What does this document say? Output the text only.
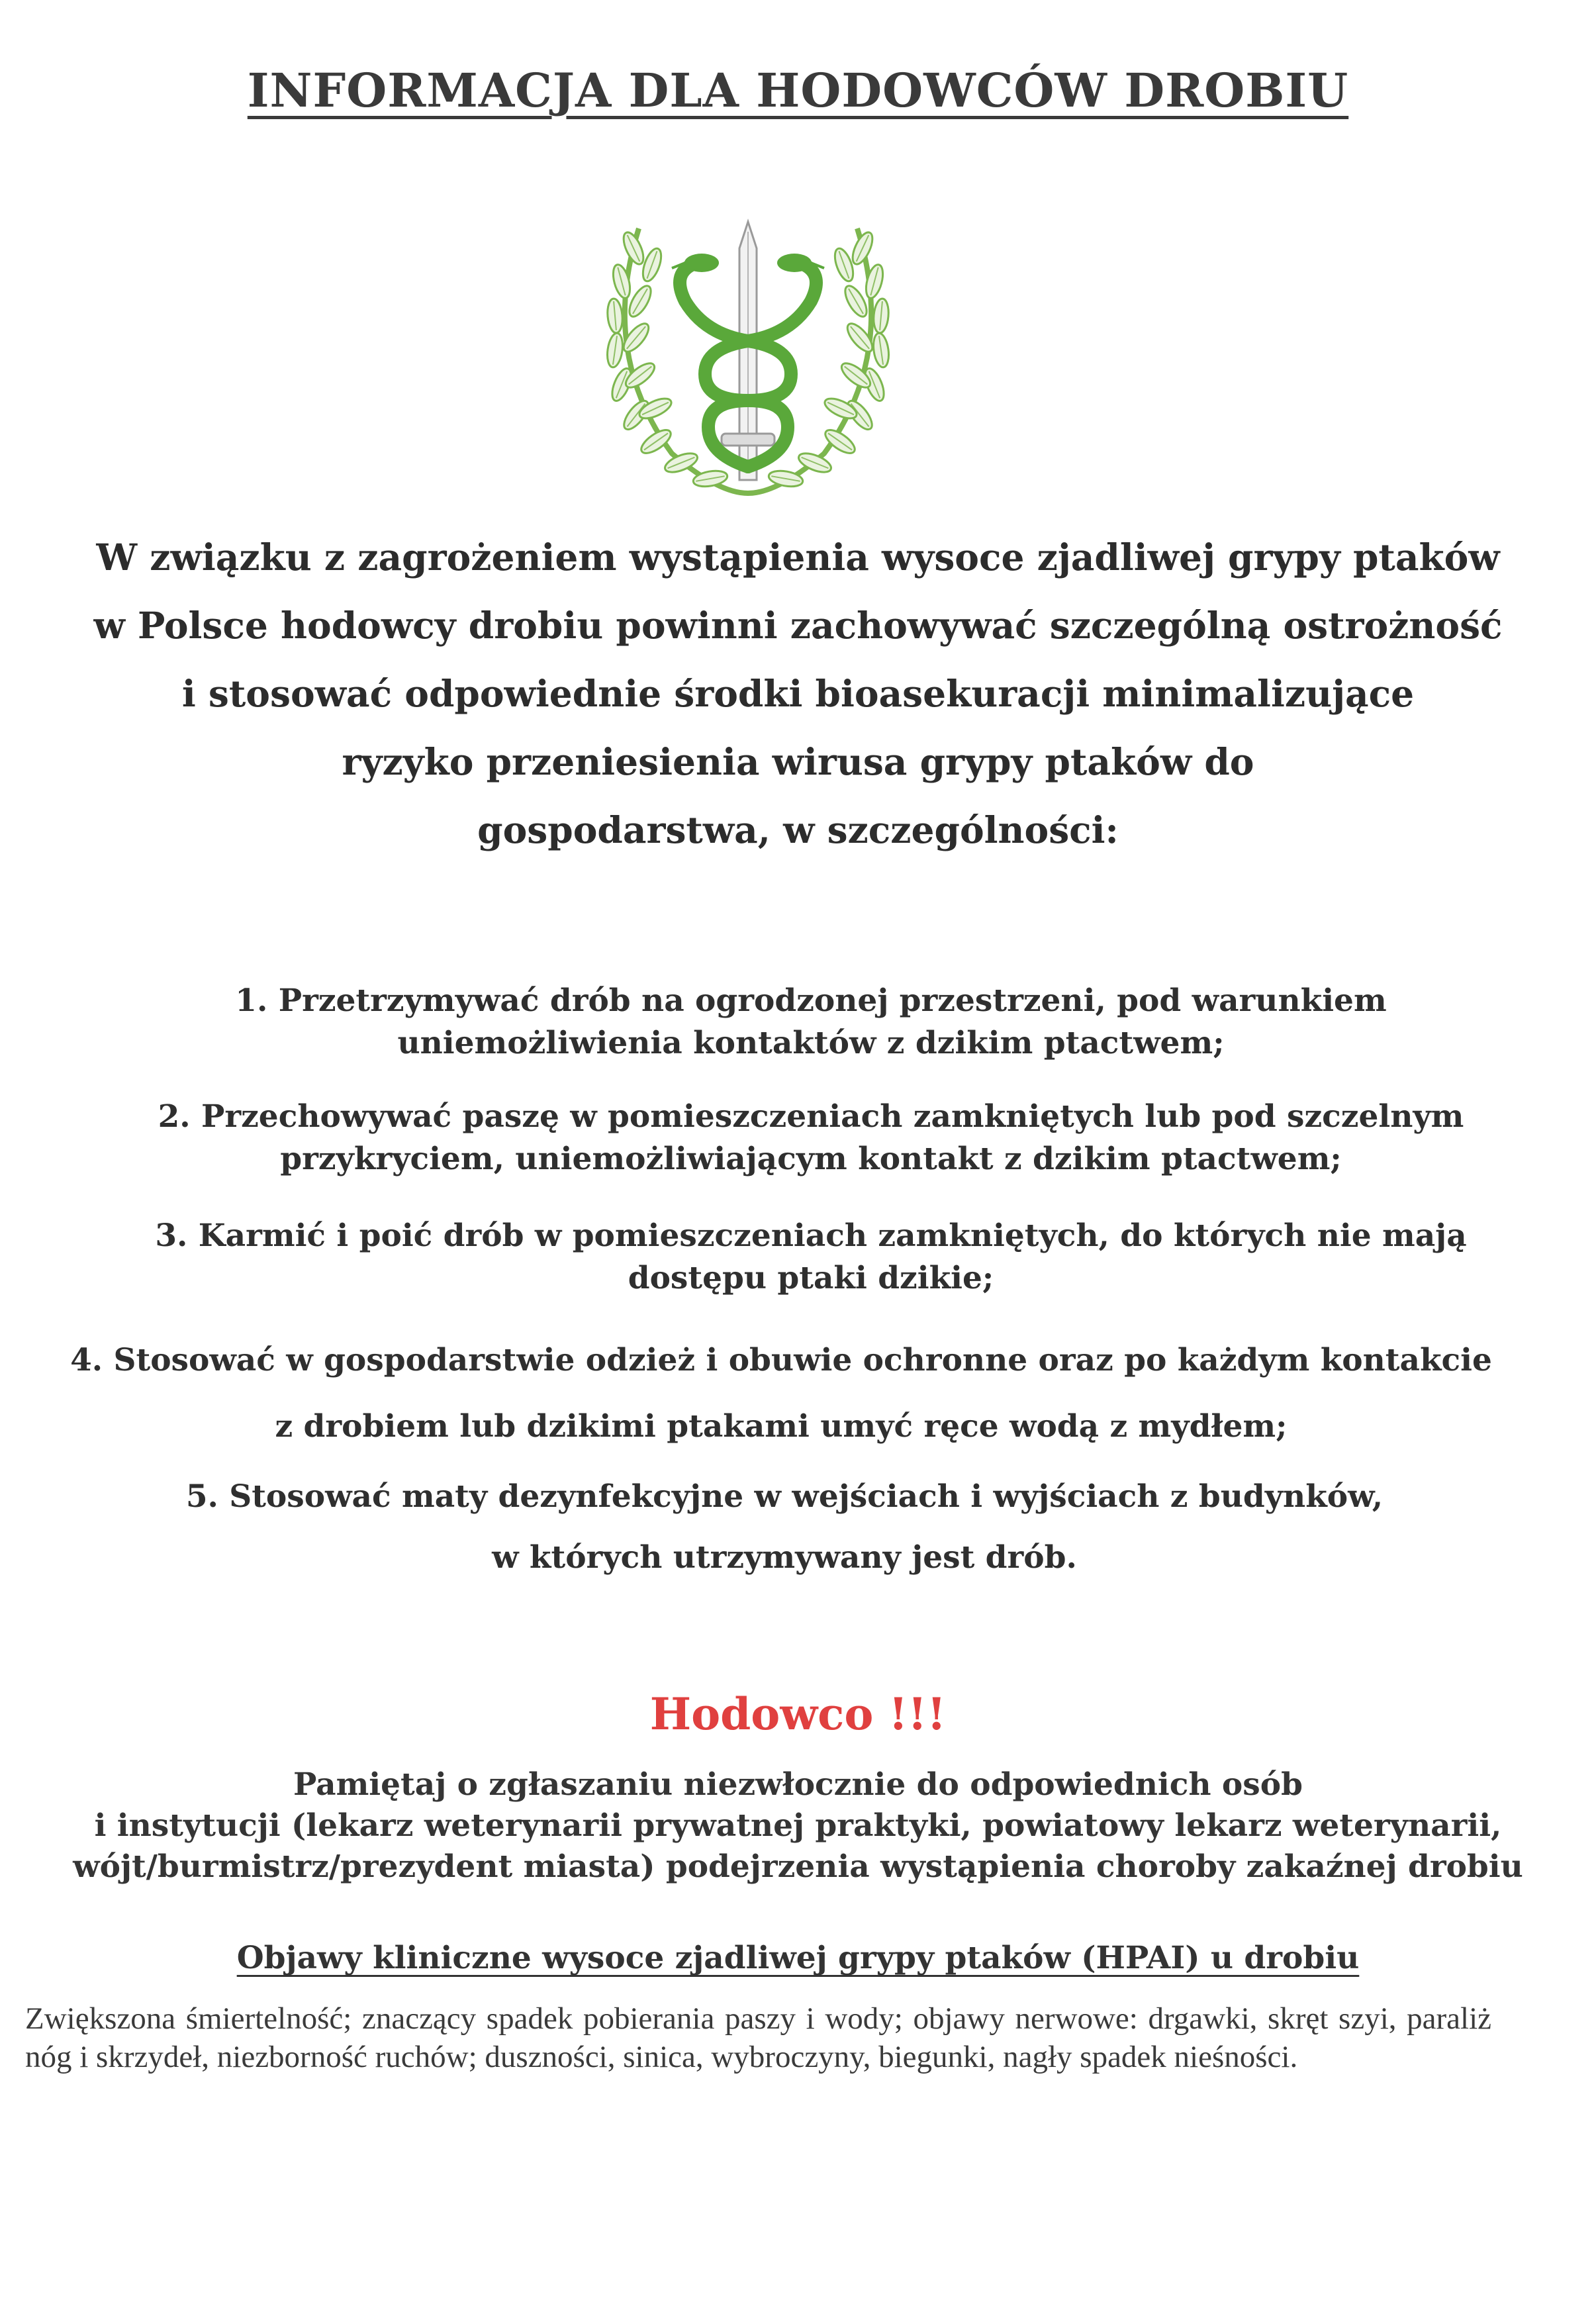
INFORMACJA DLA HODOWCÓW DROBIU
W związku z zagrożeniem wystąpienia wysoce zjadliwej grypy ptaków
w Polsce hodowcy drobiu powinni zachowywać szczególną ostrożność
i stosować odpowiednie środki bioasekuracji minimalizujące
ryzyko przeniesienia wirusa grypy ptaków do
gospodarstwa, w szczególności:
1. Przetrzymywać drób na ogrodzonej przestrzeni, pod warunkiem
uniemożliwienia kontaktów z dzikim ptactwem;
2. Przechowywać paszę w pomieszczeniach zamkniętych lub pod szczelnym
przykryciem, uniemożliwiającym kontakt z dzikim ptactwem;
3. Karmić i poić drób w pomieszczeniach zamkniętych, do których nie mają
dostępu ptaki dzikie;
4. Stosować w gospodarstwie odzież i obuwie ochronne oraz po każdym kontakcie
z drobiem lub dzikimi ptakami umyć ręce wodą z mydłem;
5. Stosować maty dezynfekcyjne w wejściach i wyjściach z budynków,
w których utrzymywany jest drób.
Hodowco !!!
Pamiętaj o zgłaszaniu niezwłocznie do odpowiednich osób
i instytucji (lekarz weterynarii prywatnej praktyki, powiatowy lekarz weterynarii,
wójt/burmistrz/prezydent miasta) podejrzenia wystąpienia choroby zakaźnej drobiu
Objawy kliniczne wysoce zjadliwej grypy ptaków (HPAI) u drobiu
Zwiększona śmiertelność; znaczący spadek pobierania paszy i wody; objawy nerwowe: drgawki, skręt szyi, paraliż nóg i skrzydeł, niezborność ruchów; duszności, sinica, wybroczyny, biegunki, nagły spadek nieśności.
